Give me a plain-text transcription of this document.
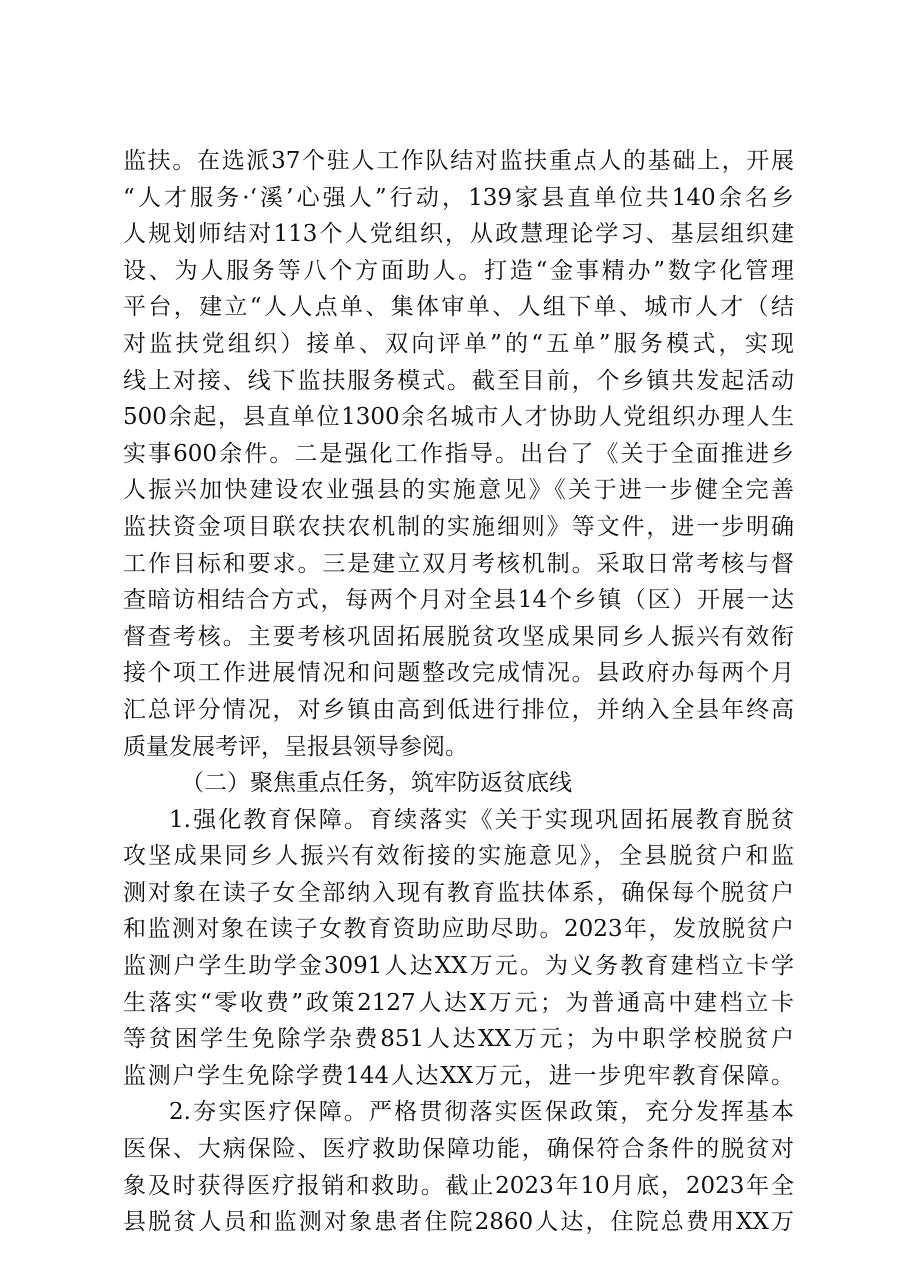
监扶。在选派37个驻人工作队结对监扶重点人的基础上，开展
“人才服务·‘溪’心强人”行动，139家县直单位共140余名乡
人规划师结对113个人党组织，从政慧理论学习、基层组织建
设、为人服务等八个方面助人。打造“金事精办”数字化管理
平台，建立“人人点单、集体审单、人组下单、城市人才（结
对监扶党组织）接单、双向评单”的“五单”服务模式，实现
线上对接、线下监扶服务模式。截至目前，个乡镇共发起活动
500余起，县直单位1300余名城市人才协助人党组织办理人生
实事600余件。二是强化工作指导。出台了《关于全面推进乡
人振兴加快建设农业强县的实施意见》《关于进一步健全完善
监扶资金项目联农扶农机制的实施细则》等文件，进一步明确
工作目标和要求。三是建立双月考核机制。采取日常考核与督
查暗访相结合方式，每两个月对全县14个乡镇（区）开展一达
督查考核。主要考核巩固拓展脱贫攻坚成果同乡人振兴有效衔
接个项工作进展情况和问题整改完成情况。县政府办每两个月
汇总评分情况，对乡镇由高到低进行排位，并纳入全县年终高
质量发展考评，呈报县领导参阅。
（二）聚焦重点任务，筑牢防返贫底线
1.强化教育保障。育续落实《关于实现巩固拓展教育脱贫
攻坚成果同乡人振兴有效衔接的实施意见》，全县脱贫户和监
测对象在读子女全部纳入现有教育监扶体系，确保每个脱贫户
和监测对象在读子女教育资助应助尽助。2023年，发放脱贫户
监测户学生助学金3091人达XX万元。为义务教育建档立卡学
生落实“零收费”政策2127人达X万元；为普通高中建档立卡
等贫困学生免除学杂费851人达XX万元；为中职学校脱贫户
监测户学生免除学费144人达XX万元，进一步兜牢教育保障。
2.夯实医疗保障。严格贯彻落实医保政策，充分发挥基本
医保、大病保险、医疗救助保障功能，确保符合条件的脱贫对
象及时获得医疗报销和救助。截止2023年10月底，2023年全
县脱贫人员和监测对象患者住院2860人达，住院总费用XX万
